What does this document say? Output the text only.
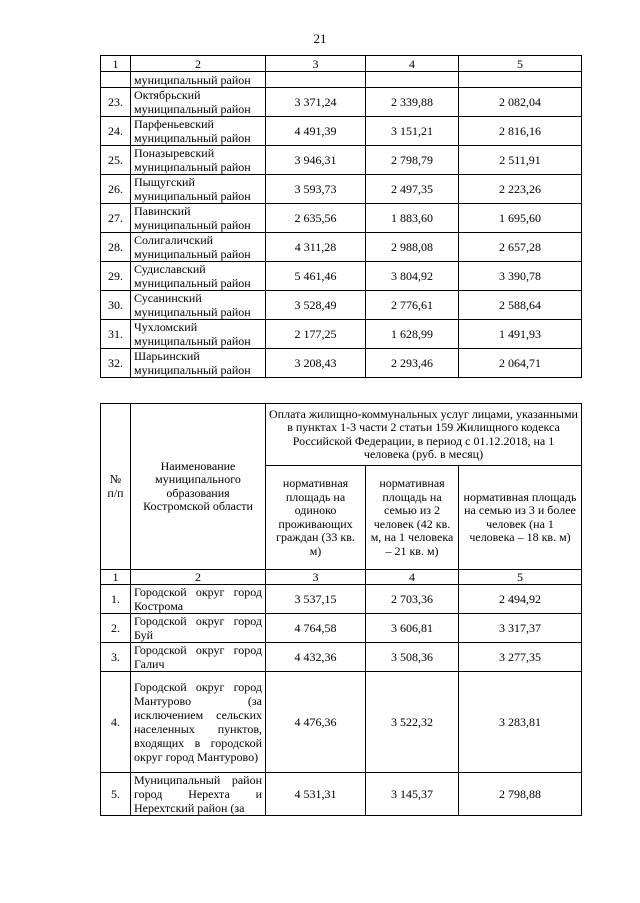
21
1	2	3	4	5
	муниципальный район			
23.	Октябрьский муниципальный район	3 371,24	2 339,88	2 082,04
24.	Парфеньевский муниципальный район	4 491,39	3 151,21	2 816,16
25.	Поназыревский муниципальный район	3 946,31	2 798,79	2 511,91
26.	Пыщугский муниципальный район	3 593,73	2 497,35	2 223,26
27.	Павинский муниципальный район	2 635,56	1 883,60	1 695,60
28.	Солигаличский муниципальный район	4 311,28	2 988,08	2 657,28
29.	Судиславский муниципальный район	5 461,46	3 804,92	3 390,78
30.	Сусанинский муниципальный район	3 528,49	2 776,61	2 588,64
31.	Чухломский муниципальный район	2 177,25	1 628,99	1 491,93
32.	Шарьинский муниципальный район	3 208,43	2 293,46	2 064,71
№ п/п	Наименование муниципального образования Костромской области	Оплата жилищно-коммунальных услуг лицами, указанными в пунктах 1-3 части 2 статьи 159 Жилищного кодекса Российской Федерации, в период с 01.12.2018, на 1 человека (руб. в месяц)		
		нормативная площадь на одиноко проживающих граждан (33 кв. м)	нормативная площадь на семью из 2 человек (42 кв. м, на 1 человека – 21 кв. м)	нормативная площадь на семью из 3 и более человек (на 1 человека – 18 кв. м)
1	2	3	4	5
1.	Городской округ город Кострома	3 537,15	2 703,36	2 494,92
2.	Городской округ город Буй	4 764,58	3 606,81	3 317,37
3.	Городской округ город Галич	4 432,36	3 508,36	3 277,35
4.	Городской округ город Мантурово (за исключением сельских населенных пунктов, входящих в городской округ город Мантурово)	4 476,36	3 522,32	3 283,81
5.	Муниципальный район город Нерехта и Нерехтский район (за	4 531,31	3 145,37	2 798,88
